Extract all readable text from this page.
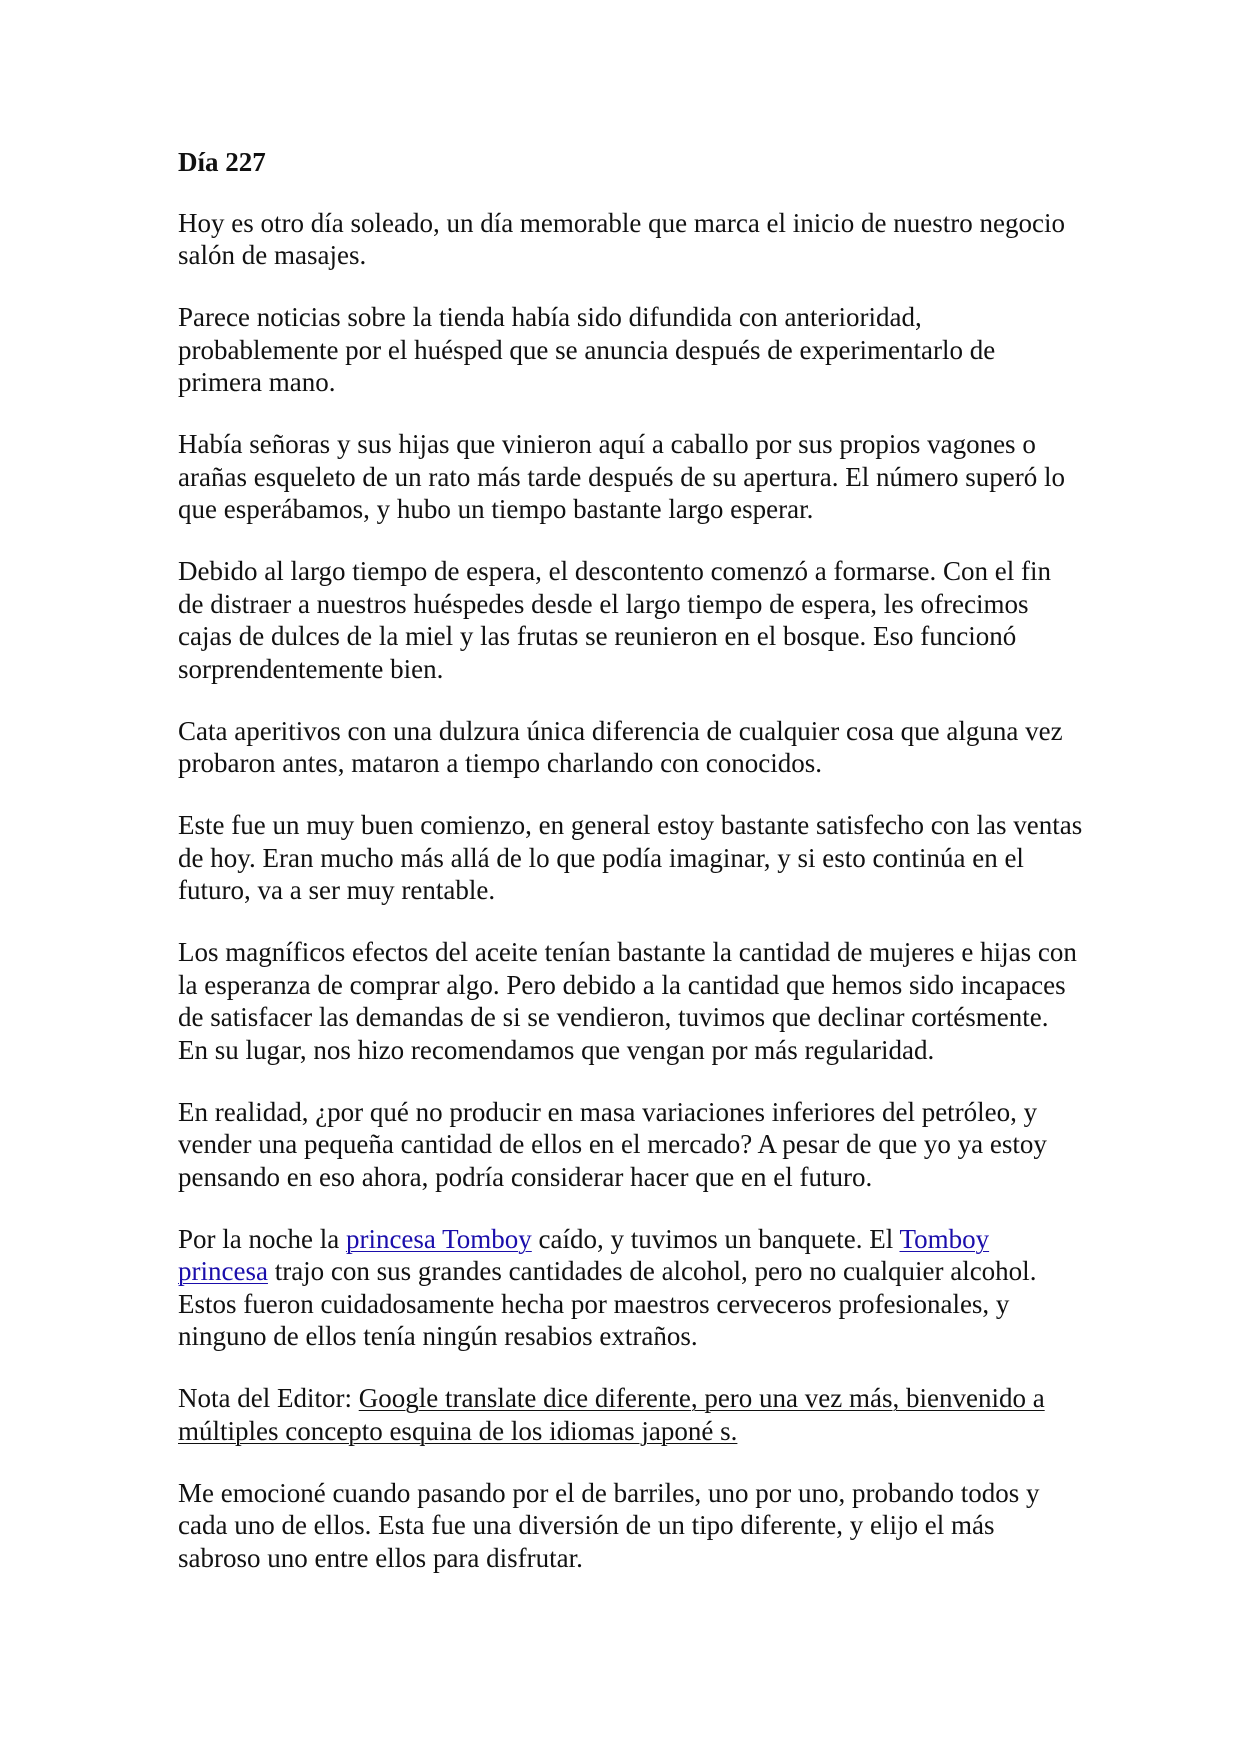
Día 227

Hoy es otro día soleado, un día memorable que marca el inicio de nuestro negocio salón de masajes.

Parece noticias sobre la tienda había sido difundida con anterioridad, probablemente por el huésped que se anuncia después de experimentarlo de primera mano.

Había señoras y sus hijas que vinieron aquí a caballo por sus propios vagones o arañas esqueleto de un rato más tarde después de su apertura. El número superó lo que esperábamos, y hubo un tiempo bastante largo esperar.

Debido al largo tiempo de espera, el descontento comenzó a formarse. Con el fin de distraer a nuestros huéspedes desde el largo tiempo de espera, les ofrecimos cajas de dulces de la miel y las frutas se reunieron en el bosque. Eso funcionó sorprendentemente bien.

Cata aperitivos con una dulzura única diferencia de cualquier cosa que alguna vez probaron antes, mataron a tiempo charlando con conocidos.

Este fue un muy buen comienzo, en general estoy bastante satisfecho con las ventas de hoy. Eran mucho más allá de lo que podía imaginar, y si esto continúa en el futuro, va a ser muy rentable.

Los magníficos efectos del aceite tenían bastante la cantidad de mujeres e hijas con la esperanza de comprar algo. Pero debido a la cantidad que hemos sido incapaces de satisfacer las demandas de si se vendieron, tuvimos que declinar cortésmente. En su lugar, nos hizo recomendamos que vengan por más regularidad.

En realidad, ¿por qué no producir en masa variaciones inferiores del petróleo, y vender una pequeña cantidad de ellos en el mercado? A pesar de que yo ya estoy pensando en eso ahora, podría considerar hacer que en el futuro.

Por la noche la princesa Tomboy caído, y tuvimos un banquete. El Tomboy princesa trajo con sus grandes cantidades de alcohol, pero no cualquier alcohol. Estos fueron cuidadosamente hecha por maestros cerveceros profesionales, y ninguno de ellos tenía ningún resabios extraños.

Nota del Editor: Google translate dice diferente, pero una vez más, bienvenido a múltiples concepto esquina de los idiomas japoné s.

Me emocioné cuando pasando por el de barriles, uno por uno, probando todos y cada uno de ellos. Esta fue una diversión de un tipo diferente, y elijo el más sabroso uno entre ellos para disfrutar.
